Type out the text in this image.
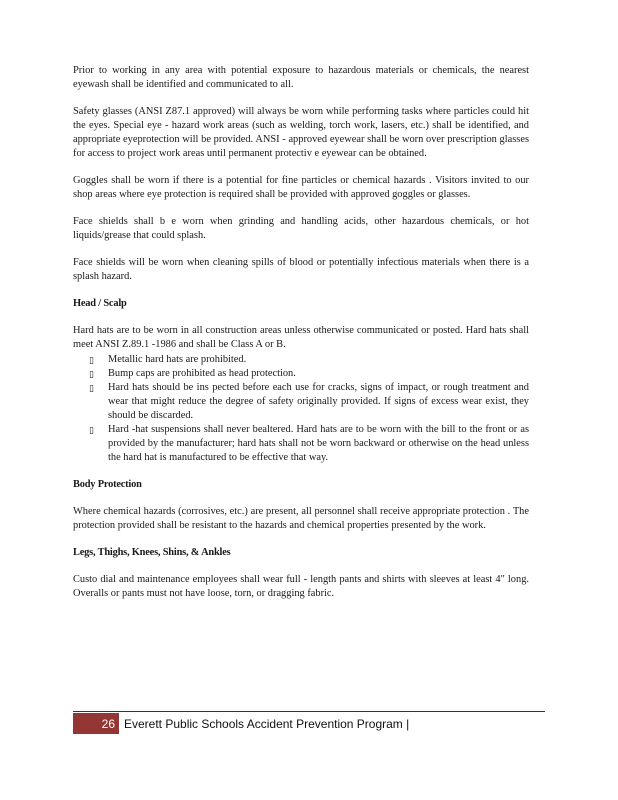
Prior to working in any area with potential exposure to hazardous materials or chemicals, the nearest eyewash shall be identified and communicated to all.

Safety glasses (ANSI Z87.1 approved) will always be worn while performing tasks where particles could hit the eyes. Special eye - hazard work areas (such as welding, torch work, lasers, etc.) shall be identified, and appropriate eyeprotection will be provided. ANSI - approved eyewear shall be worn over prescription glasses for access to project work areas until permanent protectiv e eyewear can be obtained.

Goggles shall be worn if there is a potential for fine particles or chemical hazards . Visitors invited to our shop areas where eye protection is required shall be provided with approved goggles or glasses.

Face shields shall b e worn when grinding and handling acids, other hazardous chemicals, or hot liquids/grease that could splash.

Face shields will be worn when cleaning spills of blood or potentially infectious materials when there is a splash hazard.

Head / Scalp

Hard hats are to be worn in all construction areas unless otherwise communicated or posted. Hard hats shall meet ANSI Z.89.1 -1986 and shall be Class A or B.

▯ Metallic hard hats are prohibited.
▯ Bump caps are prohibited as head protection.
▯ Hard hats should be ins pected before each use for cracks, signs of impact, or rough treatment and wear that might reduce the degree of safety originally provided. If signs of excess wear exist, they should be discarded.
▯ Hard -hat suspensions shall never bealtered. Hard hats are to be worn with the bill to the front or as provided by the manufacturer; hard hats shall not be worn backward or otherwise on the head unless the hard hat is manufactured to be effective that way.
Body Protection

Where chemical hazards (corrosives, etc.) are present, all personnel shall receive appropriate protection . The protection provided shall be resistant to the hazards and chemical properties presented by the work.

Legs, Thighs, Knees, Shins, & Ankles

Custo dial and maintenance employees shall wear full - length pants and shirts with sleeves at least 4" long. Overalls or pants must not have loose, torn, or dragging fabric.

26 Everett Public Schools Accident Prevention Program |
